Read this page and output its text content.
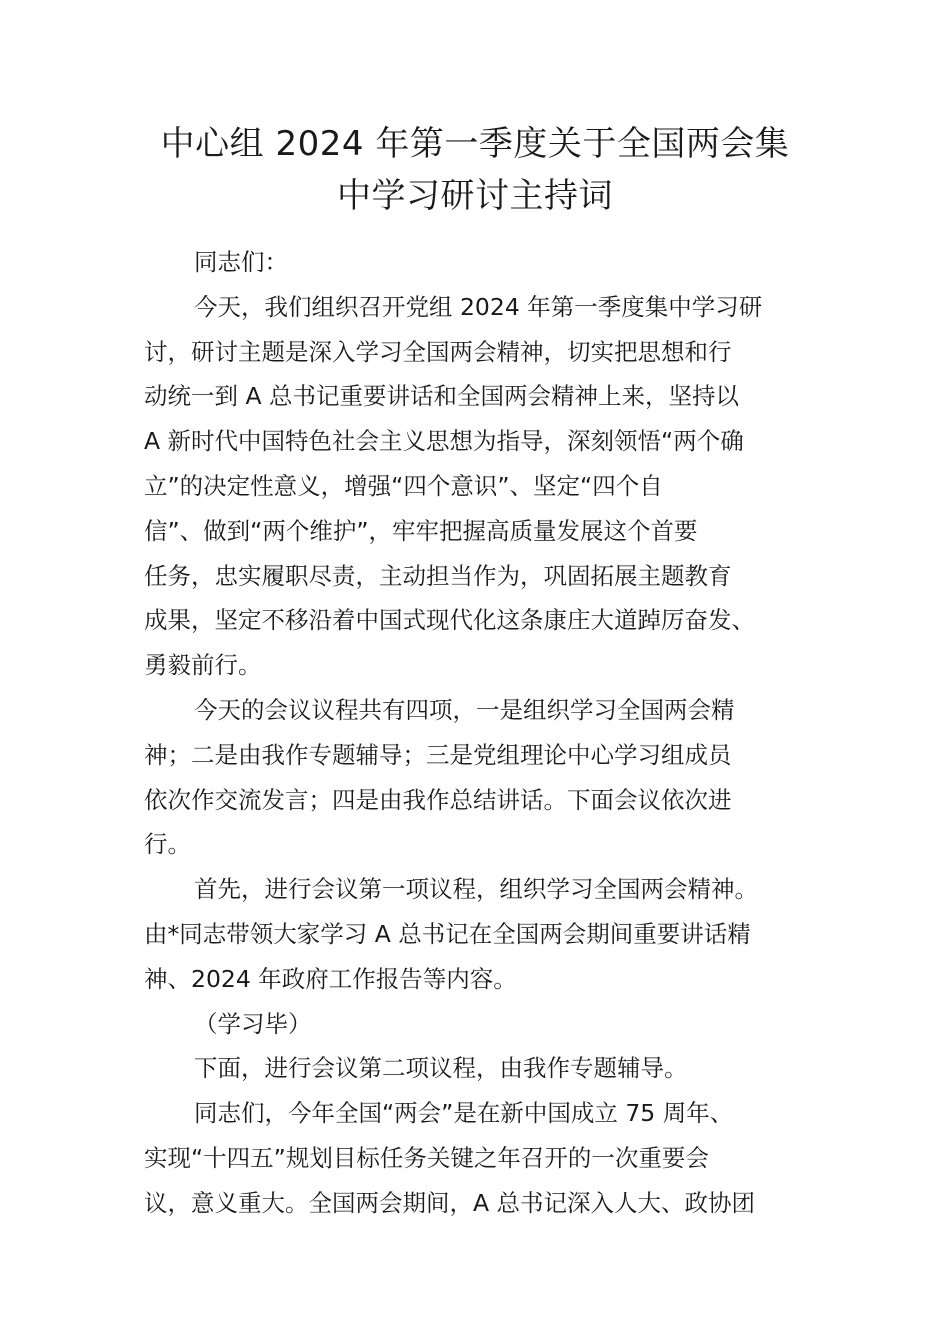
中心组 2024 年第一季度关于全国两会集
中学习研讨主持词
同志们：
今天，我们组织召开党组 2024 年第一季度集中学习研
讨，研讨主题是深入学习全国两会精神，切实把思想和行
动统一到 A 总书记重要讲话和全国两会精神上来，坚持以
A 新时代中国特色社会主义思想为指导，深刻领悟“两个确
立”的决定性意义，增强“四个意识”、坚定“四个自
信”、做到“两个维护”，牢牢把握高质量发展这个首要
任务，忠实履职尽责，主动担当作为，巩固拓展主题教育
成果，坚定不移沿着中国式现代化这条康庄大道踔厉奋发、
勇毅前行。
今天的会议议程共有四项，一是组织学习全国两会精
神；二是由我作专题辅导；三是党组理论中心学习组成员
依次作交流发言；四是由我作总结讲话。下面会议依次进
行。
首先，进行会议第一项议程，组织学习全国两会精神。
由*同志带领大家学习 A 总书记在全国两会期间重要讲话精
神、2024 年政府工作报告等内容。
（学习毕）
下面，进行会议第二项议程，由我作专题辅导。
同志们，今年全国“两会”是在新中国成立 75 周年、
实现“十四五”规划目标任务关键之年召开的一次重要会
议，意义重大。全国两会期间，A 总书记深入人大、政协团
